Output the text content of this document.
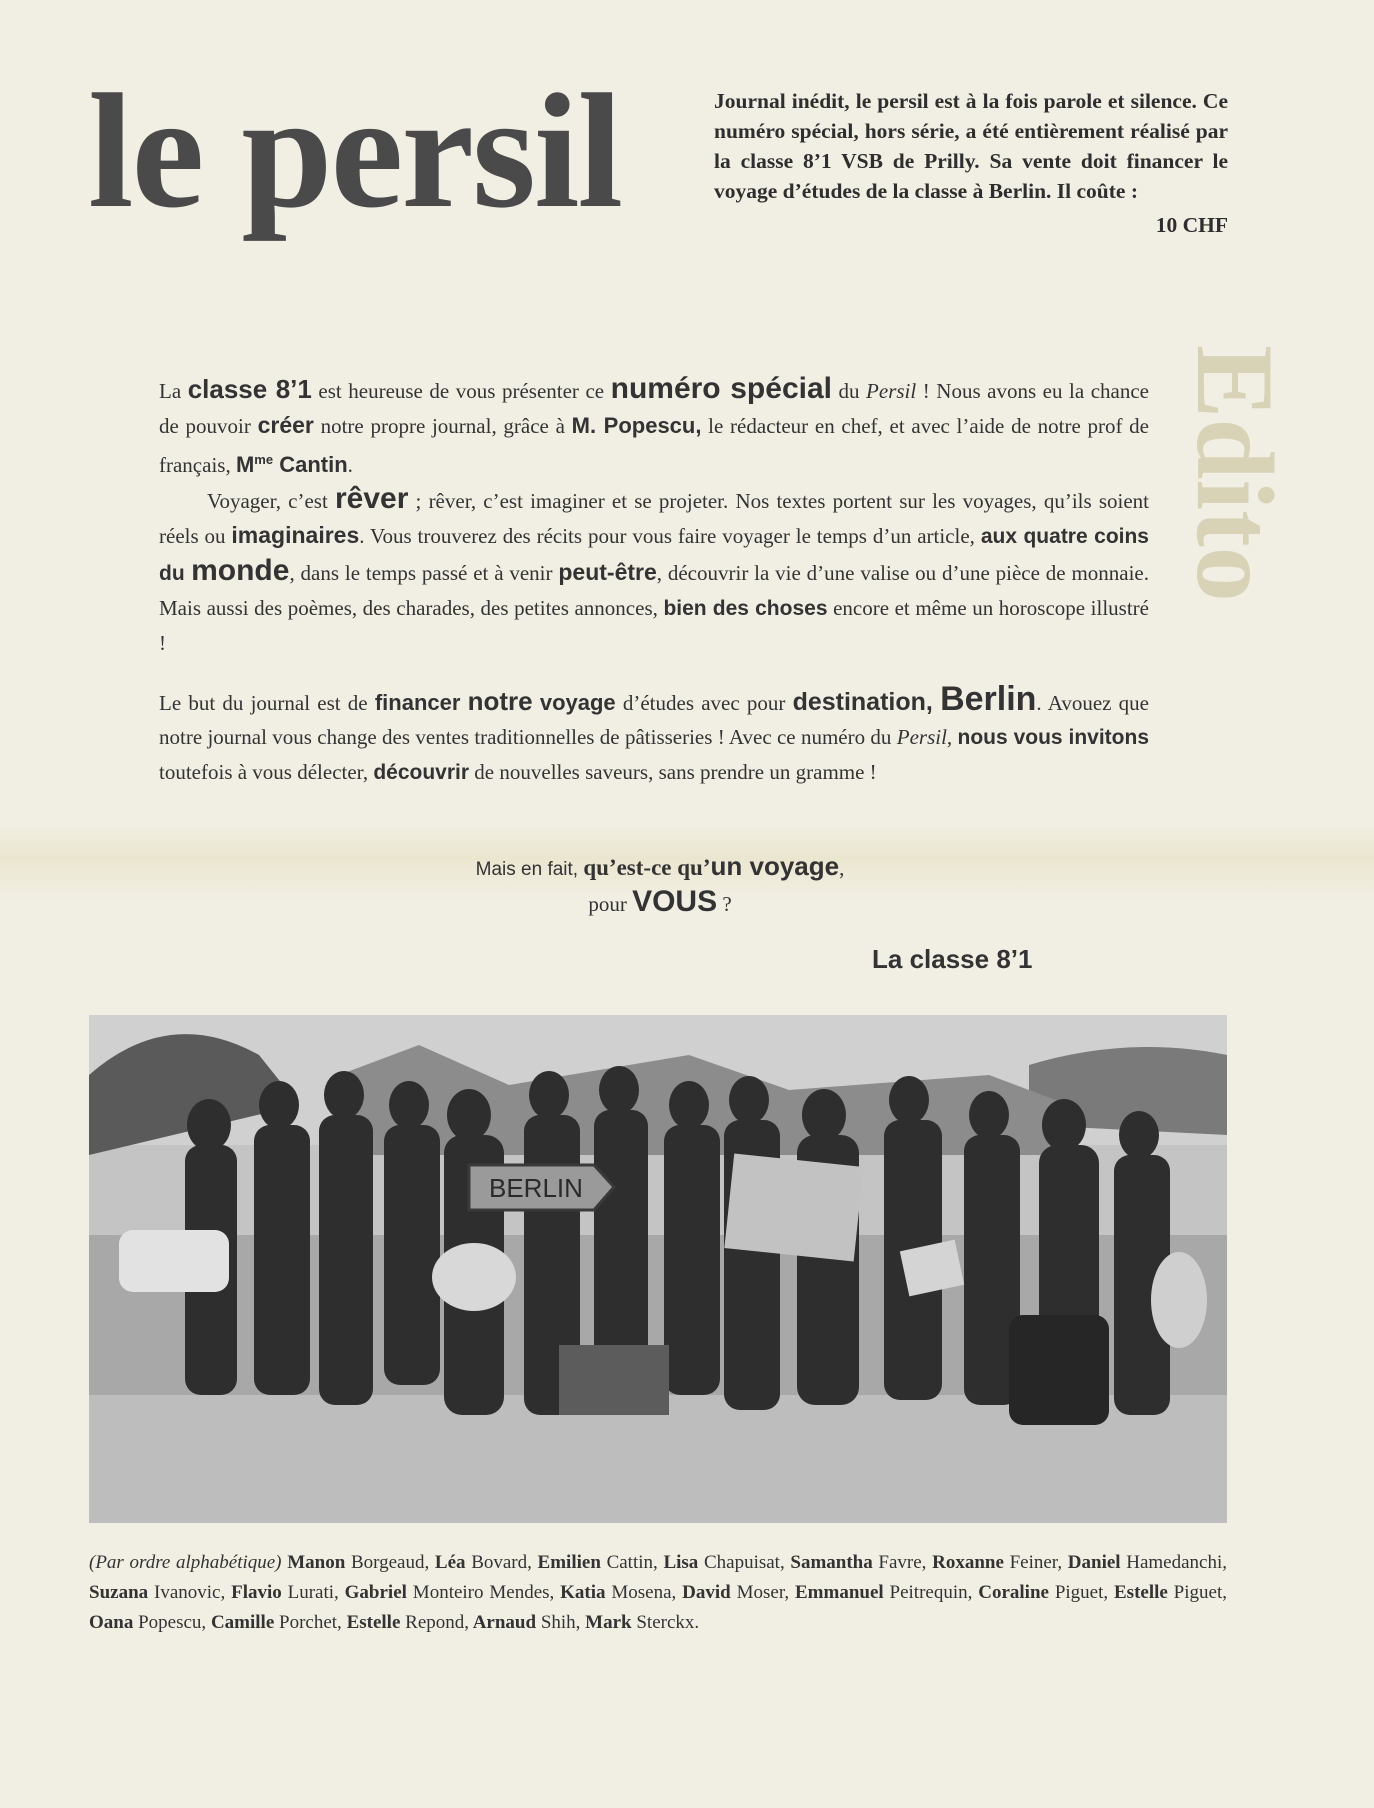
le persil	Journal inédit, le persil est à la fois parole et silence. Ce numéro spécial, hors série, a été entièrement réalisé par la classe 8’1 VSB de Prilly. Sa vente doit financer le voyage d’études de la classe à Berlin. Il coûte :
10 CHF
Edito

La classe 8’1 est heureuse de vous présenter ce numéro spécial du Persil ! Nous avons eu la chance de pouvoir créer notre propre journal, grâce à M. Popescu, le rédacteur en chef, et avec l’aide de notre prof de français, $M^{me}$ Cantin.

Voyager, c’est rêver ; rêver, c’est imaginer et se projeter. Nos textes portent sur les voyages, qu’ils soient réels ou imaginaires. Vous trouverez des récits pour vous faire voyager le temps d’un article, aux quatre coins du monde, dans le temps passé et à venir peut-être, découvrir la vie d’une valise ou d’une pièce de monnaie. Mais aussi des poèmes, des charades, des petites annonces, bien des choses encore et même un horoscope illustré !

Le but du journal est de financer notre voyage d’études avec pour destination, Berlin. Avouez que notre journal vous change des ventes traditionnelles de pâtisseries ! Avec ce numéro du Persil, nous vous invitons toutefois à vous délecter, découvrir de nouvelles saveurs, sans prendre un gramme !

Mais en fait, qu’est-ce qu’un voyage,
pour VOUS ?
La classe 8’1
BERLIN
(Par ordre alphabétique) Manon Borgeaud, Léa Bovard, Emilien Cattin, Lisa Chapuisat, Samantha Favre, Roxanne Feiner, Daniel Hamedanchi, Suzana Ivanovic, Flavio Lurati, Gabriel Monteiro Mendes, Katia Mosena, David Moser, Emmanuel Peitrequin, Coraline Piguet, Estelle Piguet, Oana Popescu, Camille Porchet, Estelle Repond, Arnaud Shih, Mark Sterckx.
